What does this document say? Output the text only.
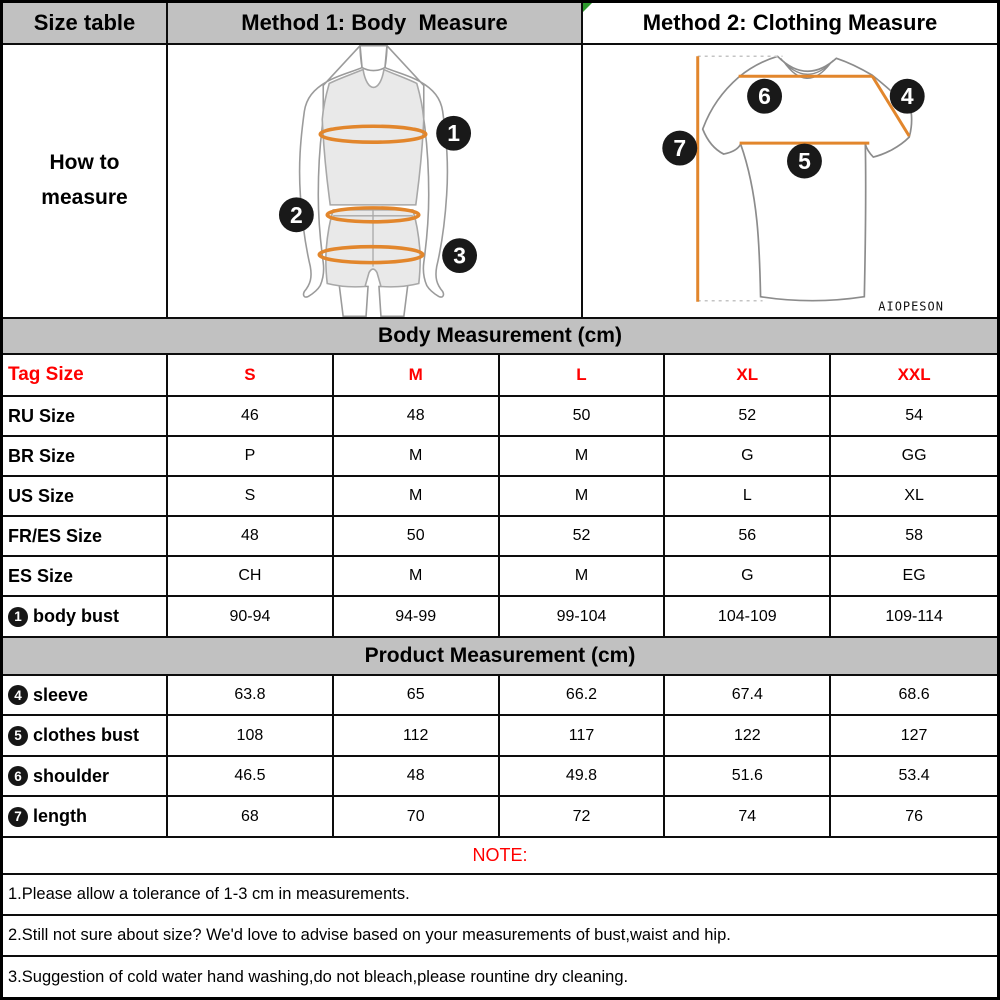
Size table	Method 1: Body  Measure	Method 2: Clothing Measure
How to
measure
1
2
3
6	4
5
7
AIOPESON
Body Measurement (cm)
Tag Size	S	M	L	XL	XXL
RU Size	46	48	50	52	54
BR Size	P	M	M	G	GG
US Size	S	M	M	L	XL
FR/ES Size	48	50	52	56	58
ES Size	CH	M	M	G	EG
1 body bust	90-94	94-99	99-104	104-109	109-114
Product Measurement (cm)
4 sleeve	63.8	65	66.2	67.4	68.6
5 clothes bust	108	112	117	122	127
6 shoulder	46.5	48	49.8	51.6	53.4
7 length	68	70	72	74	76
NOTE:
1.Please allow a tolerance of 1-3 cm in measurements.
2.Still not sure about size? We'd love to advise based on your measurements of bust,waist and hip.
3.Suggestion of cold water hand washing,do not bleach,please rountine dry cleaning.
